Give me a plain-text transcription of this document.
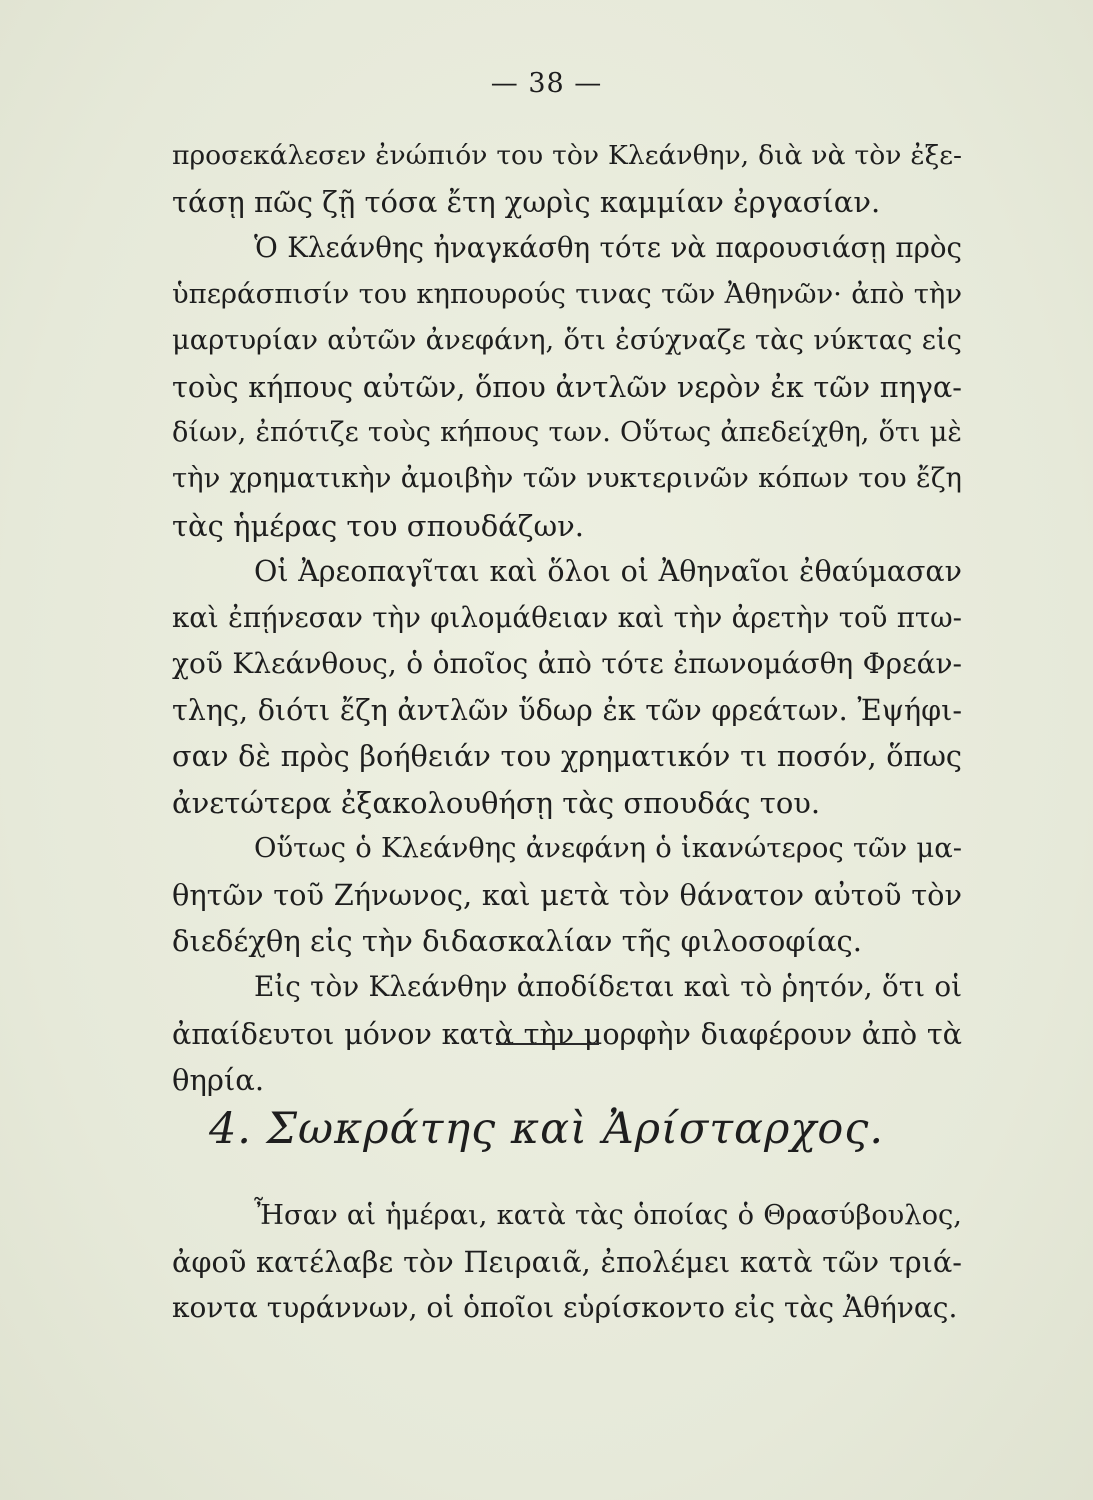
— 38 —
προσεκάλεσεν ἐνώπιόν του τὸν Κλεάνθην, διὰ νὰ τὸν ἐξε-
τάσῃ πῶς ζῇ τόσα ἔτη χωρὶς καμμίαν ἐργασίαν.
Ὁ Κλεάνθης ἠναγκάσθη τότε νὰ παρουσιάσῃ πρὸς
ὑπεράσπισίν του κηπουρούς τινας τῶν Ἀθηνῶν· ἀπὸ τὴν
μαρτυρίαν αὐτῶν ἀνεφάνη, ὅτι ἐσύχναζε τὰς νύκτας εἰς
τοὺς κήπους αὐτῶν, ὅπου ἀντλῶν νερὸν ἐκ τῶν πηγα-
δίων, ἐπότιζε τοὺς κήπους των. Οὕτως ἀπεδείχθη, ὅτι μὲ
τὴν χρηματικὴν ἀμοιβὴν τῶν νυκτερινῶν κόπων του ἔζη
τὰς ἡμέρας του σπουδάζων.
Οἱ Ἀρεοπαγῖται καὶ ὅλοι οἱ Ἀθηναῖοι ἐθαύμασαν
καὶ ἐπῄνεσαν τὴν φιλομάθειαν καὶ τὴν ἀρετὴν τοῦ πτω-
χοῦ Κλεάνθους, ὁ ὁποῖος ἀπὸ τότε ἐπωνομάσθη Φρεάν-
τλης, διότι ἔζη ἀντλῶν ὕδωρ ἐκ τῶν φρεάτων. Ἐψήφι-
σαν δὲ πρὸς βοήθειάν του χρηματικόν τι ποσόν, ὅπως
ἀνετώτερα ἐξακολουθήσῃ τὰς σπουδάς του.
Οὕτως ὁ Κλεάνθης ἀνεφάνη ὁ ἱκανώτερος τῶν μα-
θητῶν τοῦ Ζήνωνος, καὶ μετὰ τὸν θάνατον αὐτοῦ τὸν
διεδέχθη εἰς τὴν διδασκαλίαν τῆς φιλοσοφίας.
Εἰς τὸν Κλεάνθην ἀποδίδεται καὶ τὸ ῥητόν, ὅτι οἱ
ἀπαίδευτοι μόνον κατὰ τὴν μορφὴν διαφέρουν ἀπὸ τὰ
θηρία.
4. Σωκράτης καὶ Ἀρίσταρχος.
Ἦσαν αἱ ἡμέραι, κατὰ τὰς ὁποίας ὁ Θρασύβουλος,
ἀφοῦ κατέλαβε τὸν Πειραιᾶ, ἐπολέμει κατὰ τῶν τριά-
κοντα τυράννων, οἱ ὁποῖοι εὑρίσκοντο εἰς τὰς Ἀθήνας.
